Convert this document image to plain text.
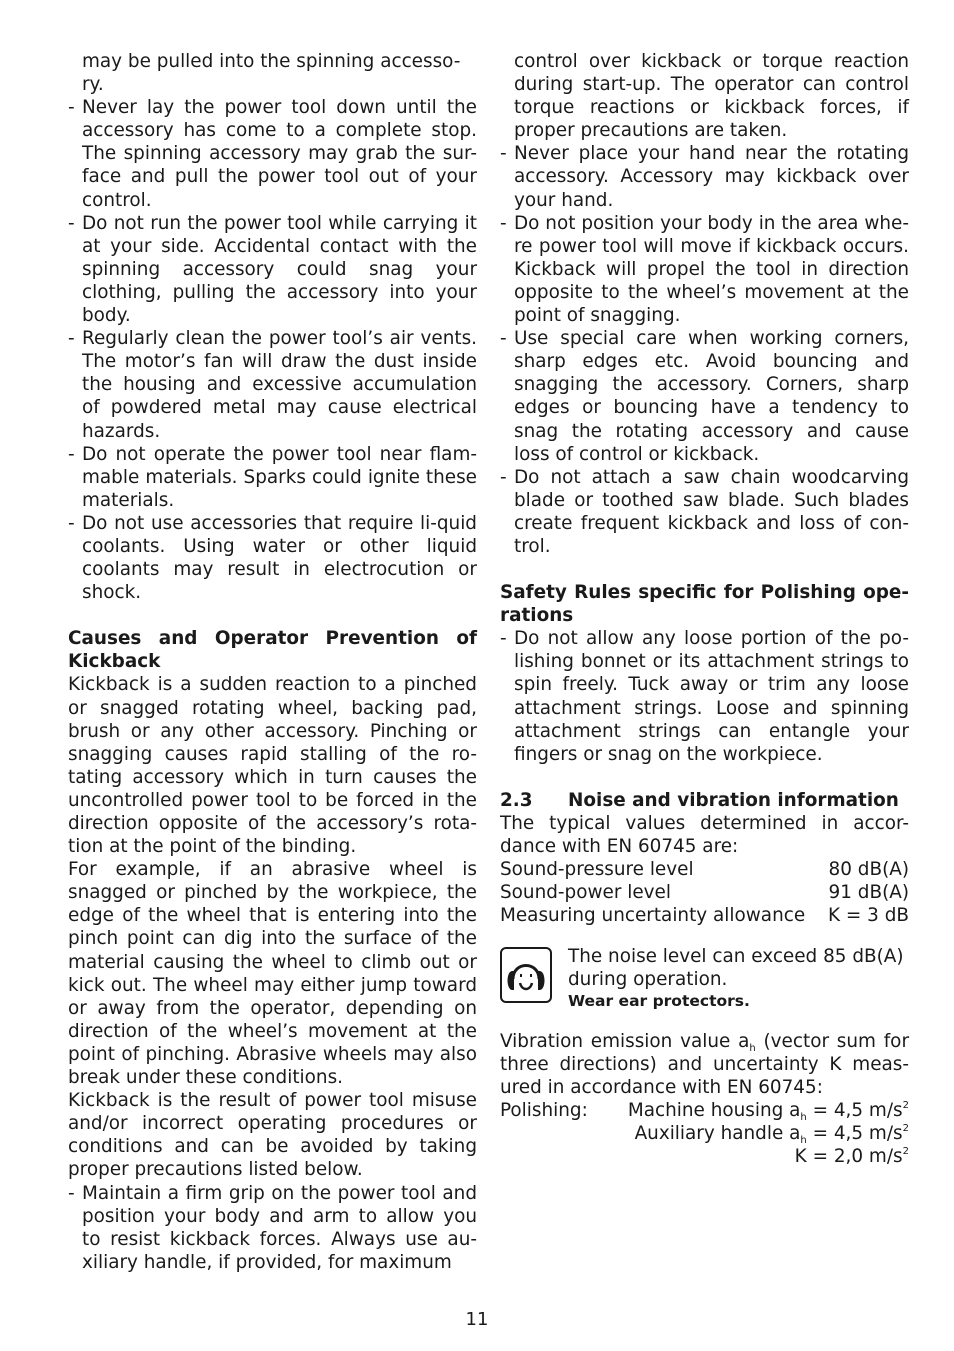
may be pulled into the spinning accesso-
ry.

- Never lay the power tool down until the accessory has come to a complete stop. The spinning accessory may grab the sur-face and pull the power tool out of your control.
- Do not run the power tool while carrying it at your side. Accidental contact with the spinning accessory could snag your clothing, pulling the accessory into your body.
- Regularly clean the power tool’s air vents. The motor’s fan will draw the dust inside the housing and excessive accumulation of powdered metal may cause electrical hazards.
- Do not operate the power tool near flam-mable materials. Sparks could ignite these materials.
- Do not use accessories that require li-quid coolants. Using water or other liquid coolants may result in electrocution or shock.

Causes and Operator Prevention of Kickback

Kickback is a sudden reaction to a pinched or snagged rotating wheel, backing pad, brush or any other accessory. Pinching or snagging causes rapid stalling of the ro-tating accessory which in turn causes the uncontrolled power tool to be forced in the direction opposite of the accessory’s rota-tion at the point of the binding.

For example, if an abrasive wheel is snagged or pinched by the workpiece, the edge of the wheel that is entering into the pinch point can dig into the surface of the material causing the wheel to climb out or kick out. The wheel may either jump toward or away from the operator, depending on direction of the wheel’s movement at the point of pinching. Abrasive wheels may also break under these conditions.

Kickback is the result of power tool misuse and/or incorrect operating procedures or conditions and can be avoided by taking proper precautions listed below.

- Maintain a firm grip on the power tool and position your body and arm to allow you to resist kickback forces. Always use au-xiliary handle, if provided, for maximum

control over kickback or torque reaction during start-up. The operator can control torque reactions or kickback forces, if proper precautions are taken.

- Never place your hand near the rotating accessory. Accessory may kickback over your hand.
- Do not position your body in the area whe-re power tool will move if kickback occurs. Kickback will propel the tool in direction opposite to the wheel’s movement at the point of snagging.
- Use special care when working corners, sharp edges etc. Avoid bouncing and snagging the accessory. Corners, sharp edges or bouncing have a tendency to snag the rotating accessory and cause loss of control or kickback.
- Do not attach a saw chain woodcarving blade or toothed saw blade. Such blades create frequent kickback and loss of con-trol.

Safety Rules specific for Polishing ope-rations

- Do not allow any loose portion of the po-lishing bonnet or its attachment strings to spin freely. Tuck away or trim any loose attachment strings. Loose and spinning attachment strings can entangle your fingers or snag on the workpiece.

2.3 Noise and vibration information

The typical values determined in accor-dance with EN 60745 are:

Sound-pressure level	80 dB(A)
Sound-power level	91 dB(A)
Measuring uncertainty allowance K = 3 dB
The noise level can exceed 85 dB(A) during operation.
Wear ear protectors.

Vibration emission value $a_h$ (vector sum for three directions) and uncertainty K meas-ured in accordance with EN 60745:

Polishing: Machine housing $a_h = 4,5$ $m/s^2$
Auxiliary handle $a_h = 4,5$ $m/s^2$
K = 2,0 $m/s^2$
11
